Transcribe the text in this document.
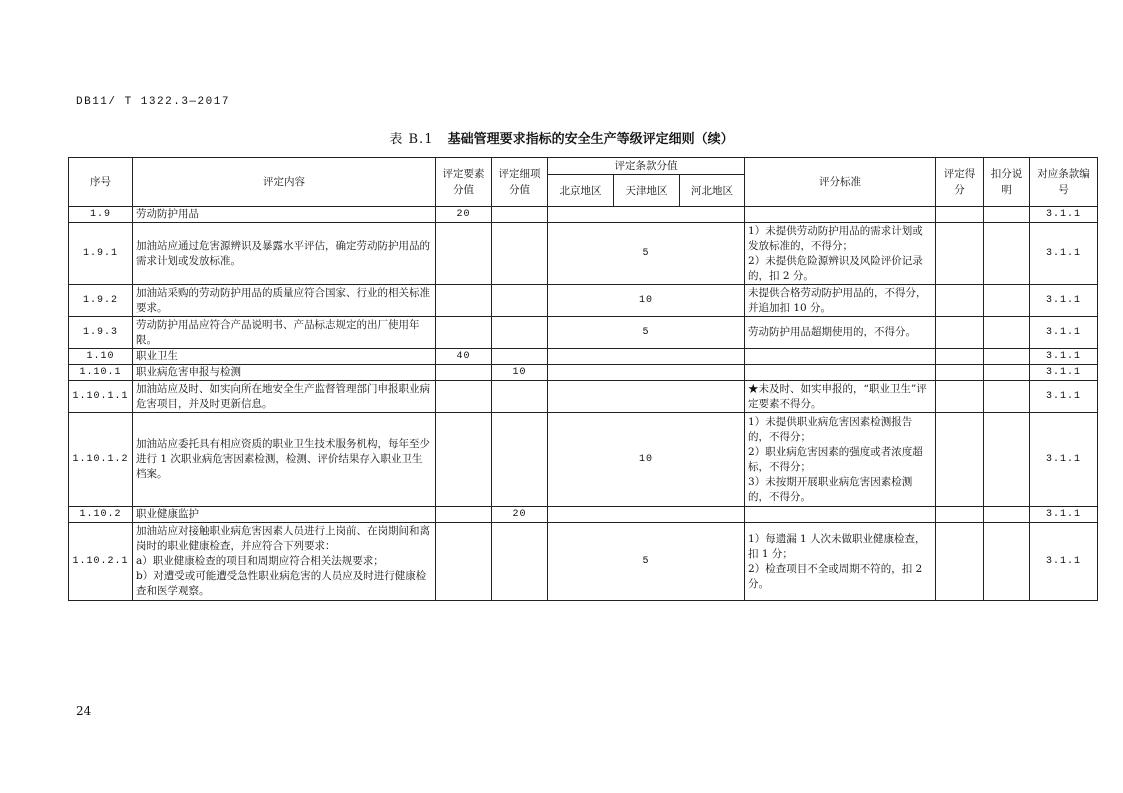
DB11/ T 1322.3—2017
表 B.1 基础管理要求指标的安全生产等级评定细则（续）
序号	评定内容	评定要素分值	评定细项分值	评定条款分值			评分标准	评定得分	扣分说明	对应条款编号
				北京地区	天津地区	河北地区				
1.9	劳动防护用品	20								3.1.1
1.9.1	加油站应通过危害源辨识及暴露水平评估，确定劳动防护用品的需求计划或发放标准。			5			1）未提供劳动防护用品的需求计划或发放标准的，不得分；
2）未提供危险源辨识及风险评价记录的，扣 2 分。			3.1.1
1.9.2	加油站采购的劳动防护用品的质量应符合国家、行业的相关标准要求。			10			未提供合格劳动防护用品的，不得分，并追加扣 10 分。			3.1.1
1.9.3	劳动防护用品应符合产品说明书、产品标志规定的出厂使用年限。			5			劳动防护用品超期使用的，不得分。			3.1.1
1.10	职业卫生	40								3.1.1
1.10.1	职业病危害申报与检测		10							3.1.1
1.10.1.1	加油站应及时、如实向所在地安全生产监督管理部门申报职业病危害项目，并及时更新信息。						★未及时、如实申报的，“职业卫生”评定要素不得分。			3.1.1
1.10.1.2	加油站应委托具有相应资质的职业卫生技术服务机构，每年至少进行 1 次职业病危害因素检测，检测、评价结果存入职业卫生档案。			10			1）未提供职业病危害因素检测报告的，不得分；
2）职业病危害因素的强度或者浓度超标，不得分；
3）未按期开展职业病危害因素检测的，不得分。			3.1.1
1.10.2	职业健康监护		20							3.1.1
1.10.2.1	加油站应对接触职业病危害因素人员进行上岗前、在岗期间和离岗时的职业健康检查，并应符合下列要求：
a）职业健康检查的项目和周期应符合相关法规要求；
b）对遭受或可能遭受急性职业病危害的人员应及时进行健康检查和医学观察。			5			1）每遗漏 1 人次未做职业健康检查，扣 1 分；
2）检查项目不全或周期不符的，扣 2 分。			3.1.1
24
